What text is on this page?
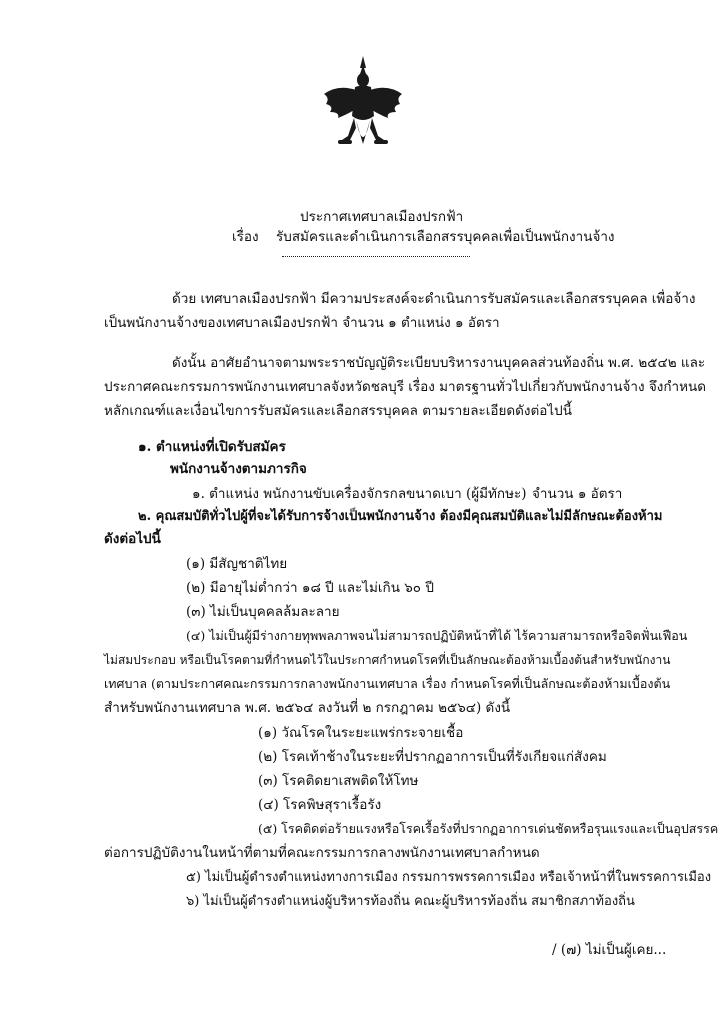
ประกาศเทศบาลเมืองปรกฟ้า
เรื่อง รับสมัครและดำเนินการเลือกสรรบุคคลเพื่อเป็นพนักงานจ้าง
ด้วย เทศบาลเมืองปรกฟ้า มีความประสงค์จะดำเนินการรับสมัครและเลือกสรรบุคคล เพื่อจ้าง
เป็นพนักงานจ้างของเทศบาลเมืองปรกฟ้า จำนวน ๑ ตำแหน่ง ๑ อัตรา
ดังนั้น อาศัยอำนาจตามพระราชบัญญัติระเบียบบริหารงานบุคคลส่วนท้องถิ่น พ.ศ. ๒๕๔๒ และ
ประกาศคณะกรรมการพนักงานเทศบาลจังหวัดชลบุรี เรื่อง มาตรฐานทั่วไปเกี่ยวกับพนักงานจ้าง จึงกำหนด
หลักเกณฑ์และเงื่อนไขการรับสมัครและเลือกสรรบุคคล ตามรายละเอียดดังต่อไปนี้
๑. ตำแหน่งที่เปิดรับสมัคร
พนักงานจ้างตามภารกิจ
๑. ตำแหน่ง พนักงานขับเครื่องจักรกลขนาดเบา (ผู้มีทักษะ) จำนวน ๑ อัตรา
๒. คุณสมบัติทั่วไปผู้ที่จะได้รับการจ้างเป็นพนักงานจ้าง ต้องมีคุณสมบัติและไม่มีลักษณะต้องห้าม
ดังต่อไปนี้
(๑) มีสัญชาติไทย
(๒) มีอายุไม่ต่ำกว่า ๑๘ ปี และไม่เกิน ๖๐ ปี
(๓) ไม่เป็นบุคคลล้มละลาย
(๔) ไม่เป็นผู้มีร่างกายทุพพลภาพจนไม่สามารถปฏิบัติหน้าที่ได้ ไร้ความสามารถหรือจิตฟั่นเฟือน
ไม่สมประกอบ หรือเป็นโรคตามที่กำหนดไว้ในประกาศกำหนดโรคที่เป็นลักษณะต้องห้ามเบื้องต้นสำหรับพนักงาน
เทศบาล (ตามประกาศคณะกรรมการกลางพนักงานเทศบาล เรื่อง กำหนดโรคที่เป็นลักษณะต้องห้ามเบื้องต้น
สำหรับพนักงานเทศบาล พ.ศ. ๒๕๖๔ ลงวันที่ ๒ กรกฎาคม ๒๕๖๔) ดังนี้
(๑) วัณโรคในระยะแพร่กระจายเชื้อ
(๒) โรคเท้าช้างในระยะที่ปรากฏอาการเป็นที่รังเกียจแก่สังคม
(๓) โรคติดยาเสพติดให้โทษ
(๔) โรคพิษสุราเรื้อรัง
(๕) โรคติดต่อร้ายแรงหรือโรคเรื้อรังที่ปรากฏอาการเด่นชัดหรือรุนแรงและเป็นอุปสรรค
ต่อการปฏิบัติงานในหน้าที่ตามที่คณะกรรมการกลางพนักงานเทศบาลกำหนด
๕) ไม่เป็นผู้ดำรงตำแหน่งทางการเมือง กรรมการพรรคการเมือง หรือเจ้าหน้าที่ในพรรคการเมือง
๖) ไม่เป็นผู้ดำรงตำแหน่งผู้บริหารท้องถิ่น คณะผู้บริหารท้องถิ่น สมาชิกสภาท้องถิ่น
/ (๗) ไม่เป็นผู้เคย...
